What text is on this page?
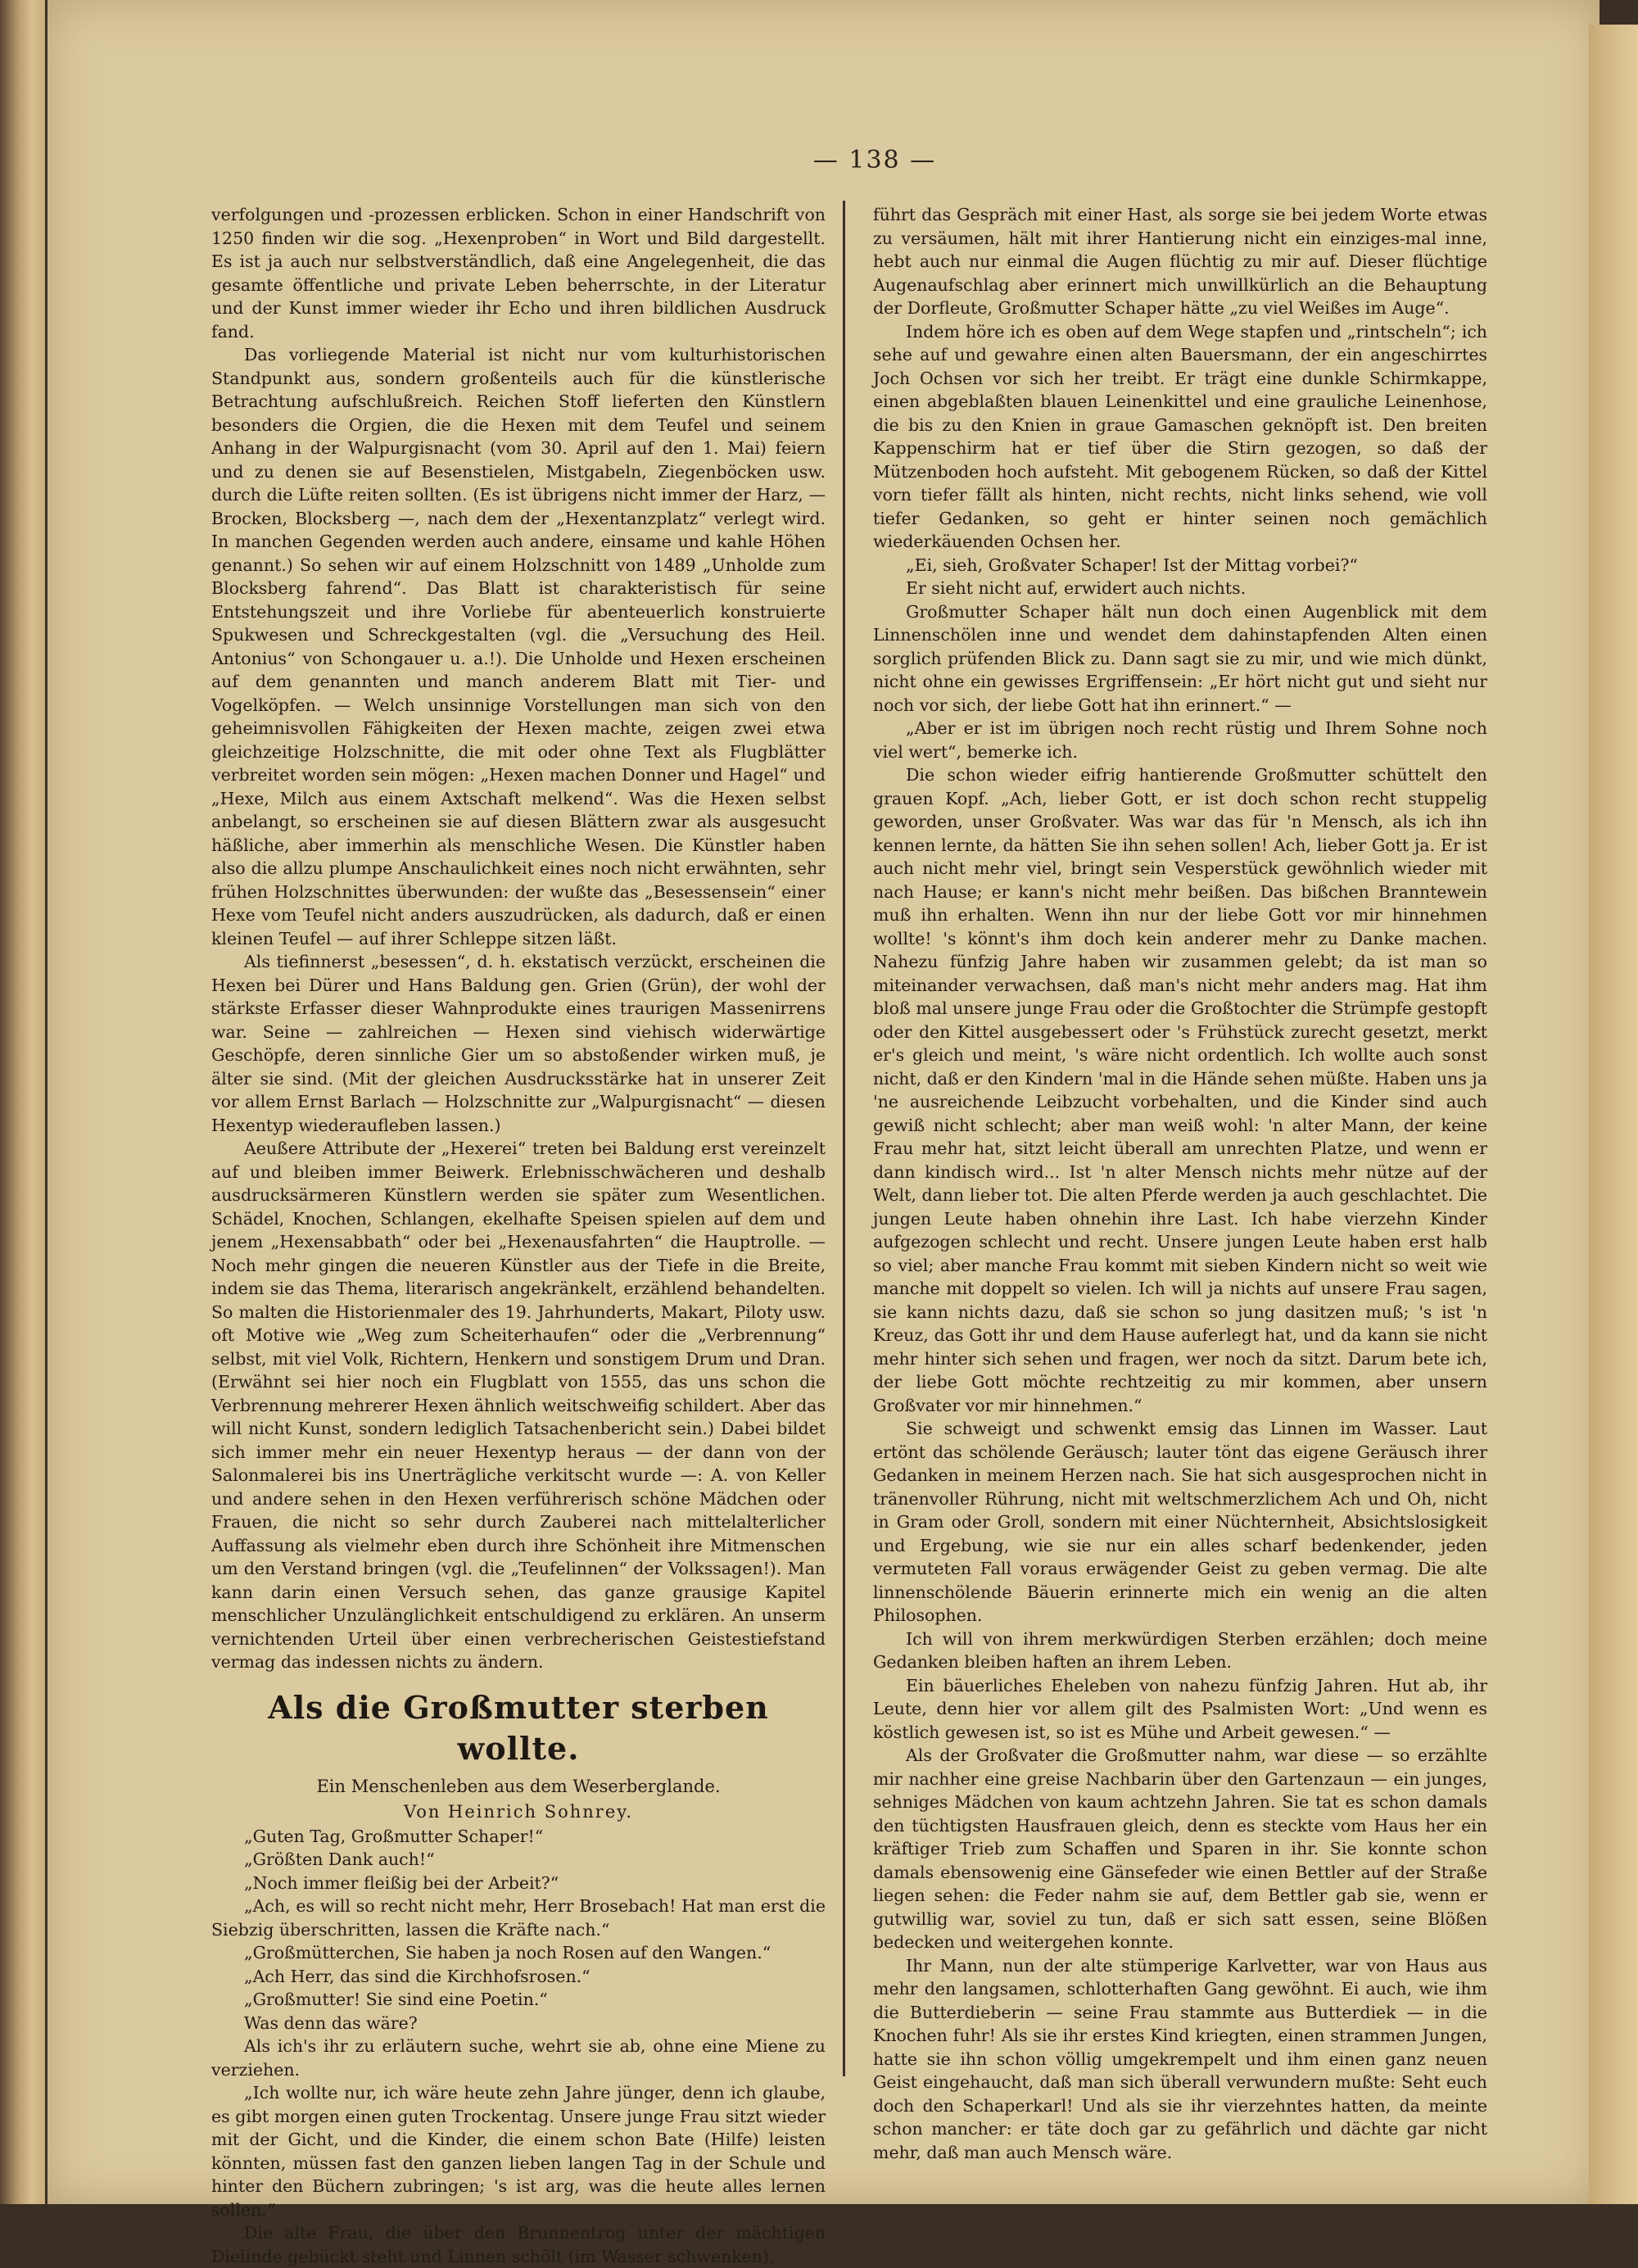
— 138 —

verfolgungen und -prozessen erblicken. Schon in einer Handschrift von 1250 finden wir die sog. „Hexenproben“ in Wort und Bild dargestellt. Es ist ja auch nur selbstverständlich, daß eine Angelegenheit, die das gesamte öffentliche und private Leben beherrschte, in der Literatur und der Kunst immer wieder ihr Echo und ihren bildlichen Ausdruck fand.

Das vorliegende Material ist nicht nur vom kulturhistorischen Standpunkt aus, sondern großenteils auch für die künstlerische Betrachtung aufschlußreich. Reichen Stoff lieferten den Künstlern besonders die Orgien, die die Hexen mit dem Teufel und seinem Anhang in der Walpurgisnacht (vom 30. April auf den 1. Mai) feiern und zu denen sie auf Besenstielen, Mistgabeln, Ziegenböcken usw. durch die Lüfte reiten sollten. (Es ist übrigens nicht immer der Harz, — Brocken, Blocksberg —, nach dem der „Hexentanzplatz“ verlegt wird. In manchen Gegenden werden auch andere, einsame und kahle Höhen genannt.) So sehen wir auf einem Holzschnitt von 1489 „Unholde zum Blocksberg fahrend“. Das Blatt ist charakteristisch für seine Entstehungszeit und ihre Vorliebe für abenteuerlich konstruierte Spukwesen und Schreckgestalten (vgl. die „Versuchung des Heil. Antonius“ von Schongauer u. a.!). Die Unholde und Hexen erscheinen auf dem genannten und manch anderem Blatt mit Tier- und Vogelköpfen. — Welch unsinnige Vorstellungen man sich von den geheimnisvollen Fähigkeiten der Hexen machte, zeigen zwei etwa gleichzeitige Holzschnitte, die mit oder ohne Text als Flugblätter verbreitet worden sein mögen: „Hexen machen Donner und Hagel“ und „Hexe, Milch aus einem Axtschaft melkend“. Was die Hexen selbst anbelangt, so erscheinen sie auf diesen Blättern zwar als ausgesucht häßliche, aber immerhin als menschliche Wesen. Die Künstler haben also die allzu plumpe Anschaulichkeit eines noch nicht erwähnten, sehr frühen Holzschnittes überwunden: der wußte das „Besessensein“ einer Hexe vom Teufel nicht anders auszudrücken, als dadurch, daß er einen kleinen Teufel — auf ihrer Schleppe sitzen läßt.

Als tiefinnerst „besessen“, d. h. ekstatisch verzückt, erscheinen die Hexen bei Dürer und Hans Baldung gen. Grien (Grün), der wohl der stärkste Erfasser dieser Wahnprodukte eines traurigen Massenirrens war. Seine — zahlreichen — Hexen sind viehisch widerwärtige Geschöpfe, deren sinnliche Gier um so abstoßender wirken muß, je älter sie sind. (Mit der gleichen Ausdrucksstärke hat in unserer Zeit vor allem Ernst Barlach — Holzschnitte zur „Walpurgisnacht“ — diesen Hexentyp wiederaufleben lassen.)

Aeußere Attribute der „Hexerei“ treten bei Baldung erst vereinzelt auf und bleiben immer Beiwerk. Erlebnisschwächeren und deshalb ausdrucksärmeren Künstlern werden sie später zum Wesentlichen. Schädel, Knochen, Schlangen, ekelhafte Speisen spielen auf dem und jenem „Hexensabbath“ oder bei „Hexenausfahrten“ die Hauptrolle. — Noch mehr gingen die neueren Künstler aus der Tiefe in die Breite, indem sie das Thema, literarisch angekränkelt, erzählend behandelten. So malten die Historienmaler des 19. Jahrhunderts, Makart, Piloty usw. oft Motive wie „Weg zum Scheiterhaufen“ oder die „Verbrennung“ selbst, mit viel Volk, Richtern, Henkern und sonstigem Drum und Dran. (Erwähnt sei hier noch ein Flugblatt von 1555, das uns schon die Verbrennung mehrerer Hexen ähnlich weitschweifig schildert. Aber das will nicht Kunst, sondern lediglich Tatsachenbericht sein.) Dabei bildet sich immer mehr ein neuer Hexentyp heraus — der dann von der Salonmalerei bis ins Unerträgliche verkitscht wurde —: A. von Keller und andere sehen in den Hexen verführerisch schöne Mädchen oder Frauen, die nicht so sehr durch Zauberei nach mittelalterlicher Auffassung als vielmehr eben durch ihre Schönheit ihre Mitmenschen um den Verstand bringen (vgl. die „Teufelinnen“ der Volkssagen!). Man kann darin einen Versuch sehen, das ganze grausige Kapitel menschlicher Unzulänglichkeit entschuldigend zu erklären. An unserm vernichtenden Urteil über einen verbrecherischen Geistestiefstand vermag das indessen nichts zu ändern.

Als die Großmutter sterben wollte.
Ein Menschenleben aus dem Weserberglande.
Von Heinrich Sohnrey.

„Guten Tag, Großmutter Schaper!“

„Größten Dank auch!“

„Noch immer fleißig bei der Arbeit?“

„Ach, es will so recht nicht mehr, Herr Brosebach! Hat man erst die Siebzig überschritten, lassen die Kräfte nach.“

„Großmütterchen, Sie haben ja noch Rosen auf den Wangen.“

„Ach Herr, das sind die Kirchhofsrosen.“

„Großmutter! Sie sind eine Poetin.“

Was denn das wäre?

Als ich's ihr zu erläutern suche, wehrt sie ab, ohne eine Miene zu verziehen.

„Ich wollte nur, ich wäre heute zehn Jahre jünger, denn ich glaube, es gibt morgen einen guten Trockentag. Unsere junge Frau sitzt wieder mit der Gicht, und die Kinder, die einem schon Bate (Hilfe) leisten könnten, müssen fast den ganzen lieben langen Tag in der Schule und hinter den Büchern zubringen; 's ist arg, was die heute alles lernen sollen.“

Die alte Frau, die über den Brunnentrog unter der mächtigen Dielinde gebückt steht und Linnen schölt (im Wasser schwenken),

führt das Gespräch mit einer Hast, als sorge sie bei jedem Worte etwas zu versäumen, hält mit ihrer Hantierung nicht ein einziges-mal inne, hebt auch nur einmal die Augen flüchtig zu mir auf. Dieser flüchtige Augenaufschlag aber erinnert mich unwillkürlich an die Behauptung der Dorfleute, Großmutter Schaper hätte „zu viel Weißes im Auge“.

Indem höre ich es oben auf dem Wege stapfen und „rintscheln“; ich sehe auf und gewahre einen alten Bauersmann, der ein angeschirrtes Joch Ochsen vor sich her treibt. Er trägt eine dunkle Schirmkappe, einen abgeblaßten blauen Leinenkittel und eine grauliche Leinenhose, die bis zu den Knien in graue Gamaschen geknöpft ist. Den breiten Kappenschirm hat er tief über die Stirn gezogen, so daß der Mützenboden hoch aufsteht. Mit gebogenem Rücken, so daß der Kittel vorn tiefer fällt als hinten, nicht rechts, nicht links sehend, wie voll tiefer Gedanken, so geht er hinter seinen noch gemächlich wiederkäuenden Ochsen her.

„Ei, sieh, Großvater Schaper! Ist der Mittag vorbei?“

Er sieht nicht auf, erwidert auch nichts.

Großmutter Schaper hält nun doch einen Augenblick mit dem Linnenschölen inne und wendet dem dahinstapfenden Alten einen sorglich prüfenden Blick zu. Dann sagt sie zu mir, und wie mich dünkt, nicht ohne ein gewisses Ergriffensein: „Er hört nicht gut und sieht nur noch vor sich, der liebe Gott hat ihn erinnert.“ —

„Aber er ist im übrigen noch recht rüstig und Ihrem Sohne noch viel wert“, bemerke ich.

Die schon wieder eifrig hantierende Großmutter schüttelt den grauen Kopf. „Ach, lieber Gott, er ist doch schon recht stuppelig geworden, unser Großvater. Was war das für 'n Mensch, als ich ihn kennen lernte, da hätten Sie ihn sehen sollen! Ach, lieber Gott ja. Er ist auch nicht mehr viel, bringt sein Vesperstück gewöhnlich wieder mit nach Hause; er kann's nicht mehr beißen. Das bißchen Branntewein muß ihn erhalten. Wenn ihn nur der liebe Gott vor mir hinnehmen wollte! 's könnt's ihm doch kein anderer mehr zu Danke machen. Nahezu fünfzig Jahre haben wir zusammen gelebt; da ist man so miteinander verwachsen, daß man's nicht mehr anders mag. Hat ihm bloß mal unsere junge Frau oder die Großtochter die Strümpfe gestopft oder den Kittel ausgebessert oder 's Frühstück zurecht gesetzt, merkt er's gleich und meint, 's wäre nicht ordentlich. Ich wollte auch sonst nicht, daß er den Kindern 'mal in die Hände sehen müßte. Haben uns ja 'ne ausreichende Leibzucht vorbehalten, und die Kinder sind auch gewiß nicht schlecht; aber man weiß wohl: 'n alter Mann, der keine Frau mehr hat, sitzt leicht überall am unrechten Platze, und wenn er dann kindisch wird... Ist 'n alter Mensch nichts mehr nütze auf der Welt, dann lieber tot. Die alten Pferde werden ja auch geschlachtet. Die jungen Leute haben ohnehin ihre Last. Ich habe vierzehn Kinder aufgezogen schlecht und recht. Unsere jungen Leute haben erst halb so viel; aber manche Frau kommt mit sieben Kindern nicht so weit wie manche mit doppelt so vielen. Ich will ja nichts auf unsere Frau sagen, sie kann nichts dazu, daß sie schon so jung dasitzen muß; 's ist 'n Kreuz, das Gott ihr und dem Hause auferlegt hat, und da kann sie nicht mehr hinter sich sehen und fragen, wer noch da sitzt. Darum bete ich, der liebe Gott möchte rechtzeitig zu mir kommen, aber unsern Großvater vor mir hinnehmen.“

Sie schweigt und schwenkt emsig das Linnen im Wasser. Laut ertönt das schölende Geräusch; lauter tönt das eigene Geräusch ihrer Gedanken in meinem Herzen nach. Sie hat sich ausgesprochen nicht in tränenvoller Rührung, nicht mit weltschmerzlichem Ach und Oh, nicht in Gram oder Groll, sondern mit einer Nüchternheit, Absichtslosigkeit und Ergebung, wie sie nur ein alles scharf bedenkender, jeden vermuteten Fall voraus erwägender Geist zu geben vermag. Die alte linnenschölende Bäuerin erinnerte mich ein wenig an die alten Philosophen.

Ich will von ihrem merkwürdigen Sterben erzählen; doch meine Gedanken bleiben haften an ihrem Leben.

Ein bäuerliches Eheleben von nahezu fünfzig Jahren. Hut ab, ihr Leute, denn hier vor allem gilt des Psalmisten Wort: „Und wenn es köstlich gewesen ist, so ist es Mühe und Arbeit gewesen.“ —

Als der Großvater die Großmutter nahm, war diese — so erzählte mir nachher eine greise Nachbarin über den Gartenzaun — ein junges, sehniges Mädchen von kaum achtzehn Jahren. Sie tat es schon damals den tüchtigsten Hausfrauen gleich, denn es steckte vom Haus her ein kräftiger Trieb zum Schaffen und Sparen in ihr. Sie konnte schon damals ebensowenig eine Gänsefeder wie einen Bettler auf der Straße liegen sehen: die Feder nahm sie auf, dem Bettler gab sie, wenn er gutwillig war, soviel zu tun, daß er sich satt essen, seine Blößen bedecken und weitergehen konnte.

Ihr Mann, nun der alte stümperige Karlvetter, war von Haus aus mehr den langsamen, schlotterhaften Gang gewöhnt. Ei auch, wie ihm die Butterdieberin — seine Frau stammte aus Butterdiek — in die Knochen fuhr! Als sie ihr erstes Kind kriegten, einen strammen Jungen, hatte sie ihn schon völlig umgekrempelt und ihm einen ganz neuen Geist eingehaucht, daß man sich überall verwundern mußte: Seht euch doch den Schaperkarl! Und als sie ihr vierzehntes hatten, da meinte schon mancher: er täte doch gar zu gefährlich und dächte gar nicht mehr, daß man auch Mensch wäre.
